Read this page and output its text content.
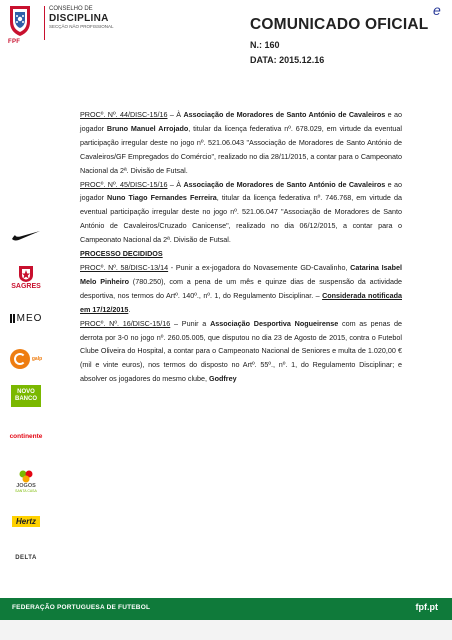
FPF
CONSELHO DE
DISCIPLINA
SECÇÃO NÃO PROFISSIONAL	COMUNICADO OFICIAL
N.: 160
DATA: 2015.12.16
e
SAGRES
MEO
galp
NOVO
BANCO
continente
JOGOS
SANTA CASA
Hertz
DELTA

PROCº. Nº. 44/DISC-15/16 – À Associação de Moradores de Santo António de Cavaleiros e ao jogador Bruno Manuel Arrojado, titular da licença federativa nº. 678.029, em virtude da eventual participação irregular deste no jogo nº. 521.06.043 "Associação de Moradores de Santo António de Cavaleiros/GF Empregados do Comércio", realizado no dia 28/11/2015, a contar para o Campeonato Nacional da 2ª. Divisão de Futsal.

PROCº. Nº. 45/DISC-15/16 – À Associação de Moradores de Santo António de Cavaleiros e ao jogador Nuno Tiago Fernandes Ferreira, titular da licença federativa nº. 746.768, em virtude da eventual participação irregular deste no jogo nº. 521.06.047 "Associação de Moradores de Santo António de Cavaleiros/Cruzado Canicense", realizado no dia 06/12/2015, a contar para o Campeonato Nacional da 2ª. Divisão de Futsal.

PROCESSO DECIDIDOS

PROCº. Nº. 58/DISC-13/14 - Punir a ex-jogadora do Novasemente GD-Cavalinho, Catarina Isabel Melo Pinheiro (780.250), com a pena de um mês e quinze dias de suspensão da actividade desportiva, nos termos do Artº. 140º., nº. 1, do Regulamento Disciplinar. – Considerada notificada em 17/12/2015.

PROCº. Nº. 16/DISC-15/16 – Punir a Associação Desportiva Nogueirense com as penas de derrota por 3-0 no jogo nº. 260.05.005, que disputou no dia 23 de Agosto de 2015, contra o Futebol Clube Oliveira do Hospital, a contar para o Campeonato Nacional de Seniores e multa de 1.020,00 € (mil e vinte euros), nos termos do disposto no Artº. 55º., nº. 1, do Regulamento Disciplinar; e absolver os jogadores do mesmo clube, Godfrey

FEDERAÇÃO PORTUGUESA DE FUTEBOL	fpf.pt
